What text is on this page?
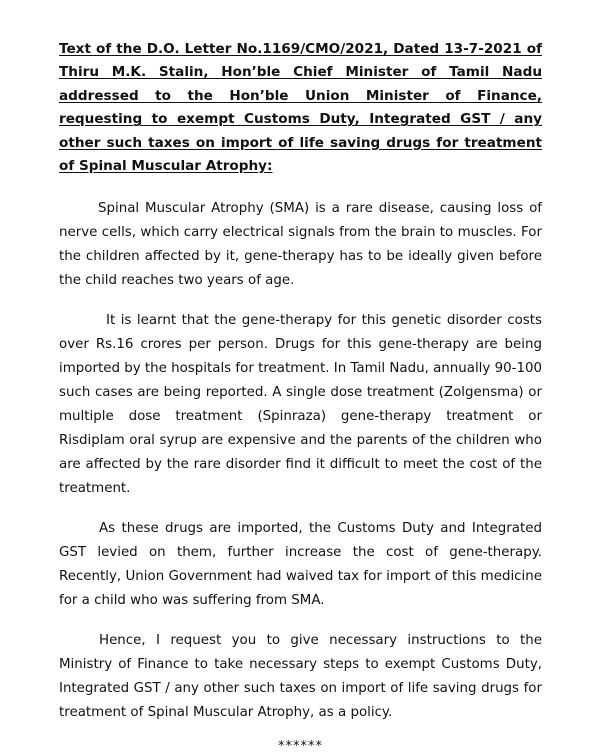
Text of the D.O. Letter No.1169/CMO/2021, Dated 13-7-2021 of Thiru M.K. Stalin, Hon’ble Chief Minister of Tamil Nadu addressed to the Hon’ble Union Minister of Finance, requesting to exempt Customs Duty, Integrated GST / any other such taxes on import of life saving drugs for treatment of Spinal Muscular Atrophy:

Spinal Muscular Atrophy (SMA) is a rare disease, causing loss of nerve cells, which carry electrical signals from the brain to muscles. For the children affected by it, gene-therapy has to be ideally given before the child reaches two years of age.

It is learnt that the gene-therapy for this genetic disorder costs over Rs.16 crores per person. Drugs for this gene-therapy are being imported by the hospitals for treatment. In Tamil Nadu, annually 90-100 such cases are being reported. A single dose treatment (Zolgensma) or multiple dose treatment (Spinraza) gene-therapy treatment or Risdiplam oral syrup are expensive and the parents of the children who are affected by the rare disorder find it difficult to meet the cost of the treatment.

As these drugs are imported, the Customs Duty and Integrated GST levied on them, further increase the cost of gene-therapy. Recently, Union Government had waived tax for import of this medicine for a child who was suffering from SMA.

Hence, I request you to give necessary instructions to the Ministry of Finance to take necessary steps to exempt Customs Duty, Integrated GST / any other such taxes on import of life saving drugs for treatment of Spinal Muscular Atrophy, as a policy.

******
